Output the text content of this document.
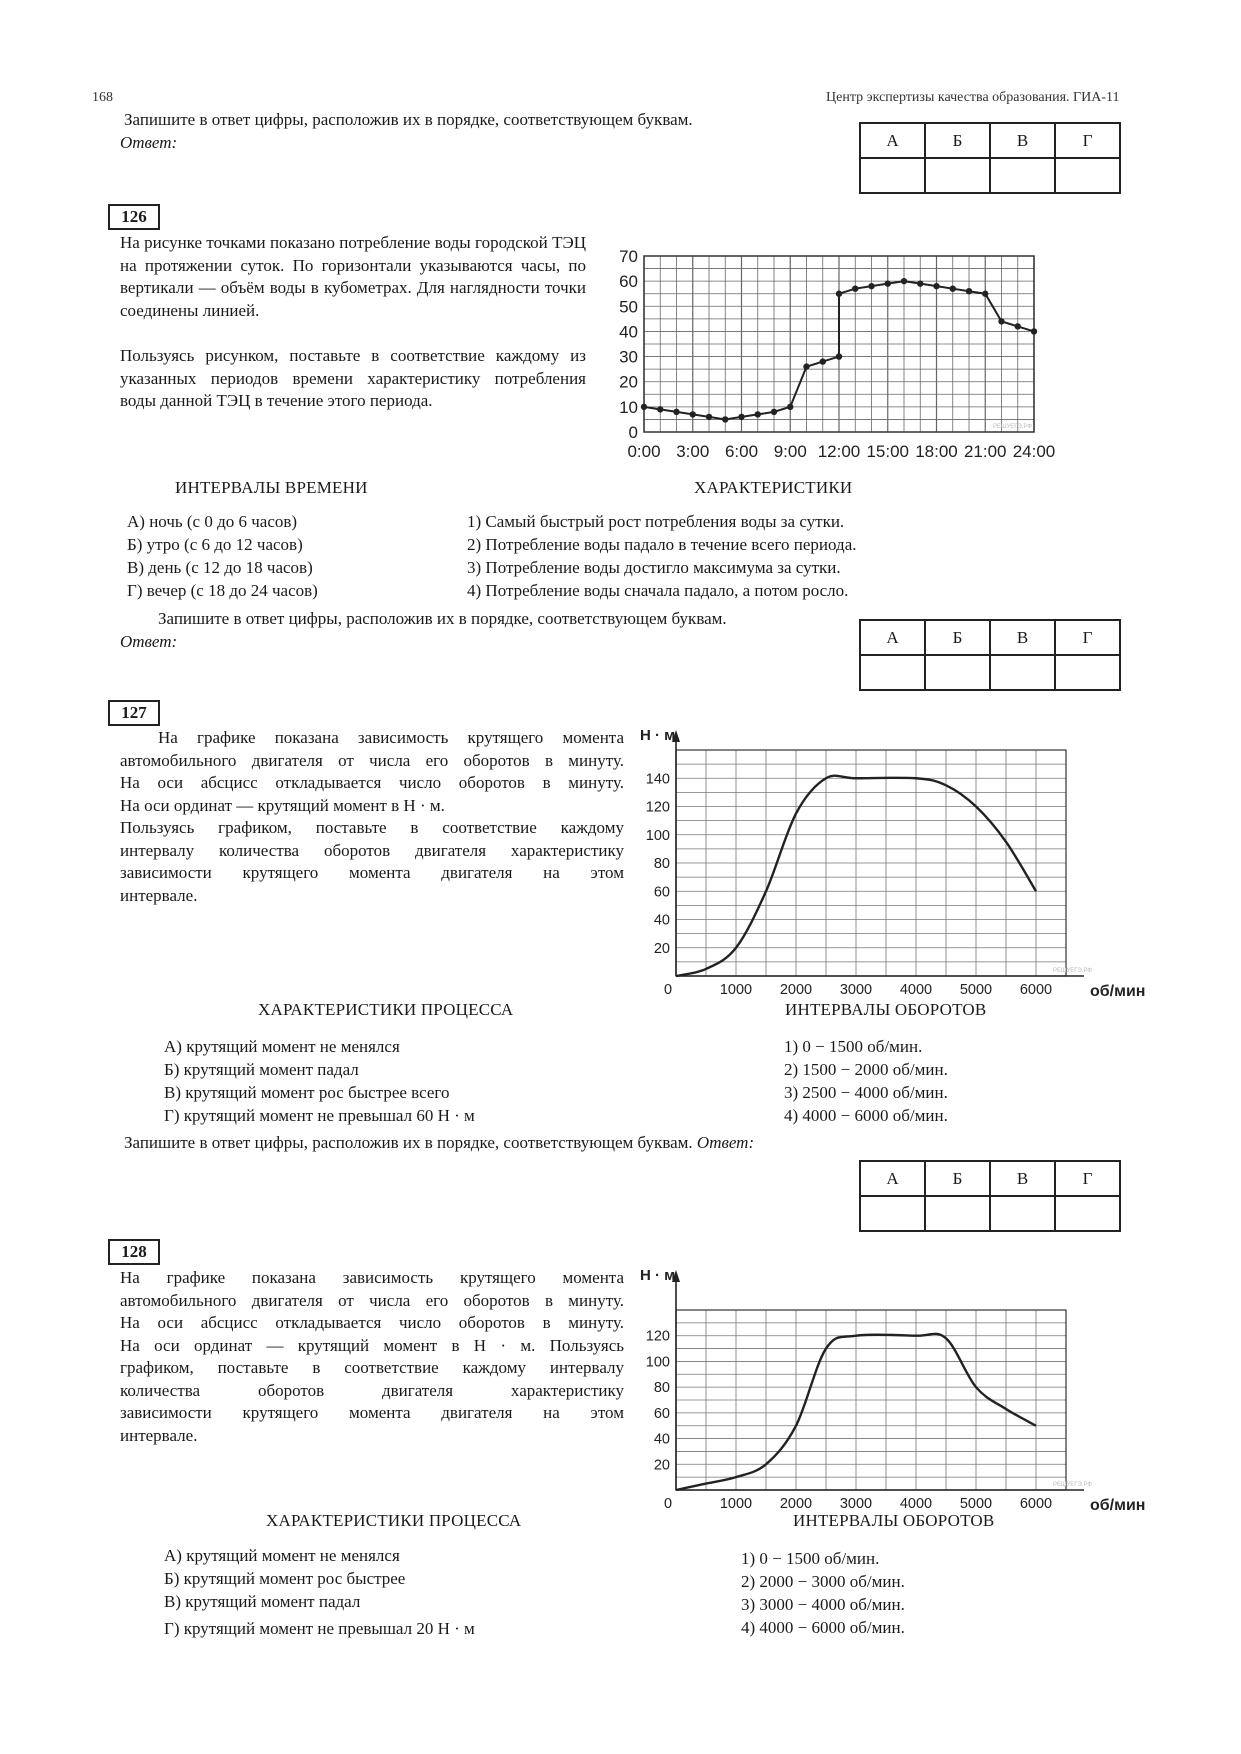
168	Центр экспертизы качества образования. ГИА-11
Запишите в ответ цифры, расположив их в порядке, соответствующем буквам.
Ответ:	А	Б	В	Г

126
На рисунке точками показано потребление воды городской ТЭЦ на протяжении суток. По горизонтали указываются часы, по вертикали — объём воды в кубометрах. Для наглядности точки соединены линией.
Пользуясь рисунком, поставьте в соответствие каждому из указанных периодов времени характеристику потребления воды данной ТЭЦ в течение этого периода.
0
10
20
30
40
50
60
70
0:00 3:00 6:00 9:00 12:00 15:00 18:00 21:00 24:00
РЕШУЕГЭ.РФ
ИНТЕРВАЛЫ ВРЕМЕНИ	ХАРАКТЕРИСТИКИ
А) ночь (с 0 до 6 часов)
Б) утро (с 6 до 12 часов)
В) день (с 12 до 18 часов)
Г) вечер (с 18 до 24 часов)
1) Самый быстрый рост потребления воды за сутки.
2) Потребление воды падало в течение всего периода.
3) Потребление воды достигло максимума за сутки.
4) Потребление воды сначала падало, а потом росло.
Запишите в ответ цифры, расположив их в порядке, соответствующем буквам.
Ответ:	А	Б	В	Г

127
На графике показана зависимость крутящего момента
автомобильного двигателя от числа его оборотов в минуту.
На оси абсцисс откладывается число оборотов в минуту.
На оси ординат — крутящий момент в Н · м.
Пользуясь графиком, поставьте в соответствие каждому
интервалу количества оборотов двигателя характеристику
зависимости крутящего момента двигателя на этом
интервале.
Н · м
20
40
60
80
100
120
140
0	1000 2000 3000 4000 5000 6000 об/мин
РЕШУЕГЭ.РФ
ХАРАКТЕРИСТИКИ ПРОЦЕССА	ИНТЕРВАЛЫ ОБОРОТОВ
А) крутящий момент не менялся
Б) крутящий момент падал
В) крутящий момент рос быстрее всего
Г) крутящий момент не превышал 60 Н · м
1) 0 − 1500 об/мин.
2) 1500 − 2000 об/мин.
3) 2500 − 4000 об/мин.
4) 4000 − 6000 об/мин.
Запишите в ответ цифры, расположив их в порядке, соответствующем буквам. Ответ:
А	Б	В	Г

128
На графике показана зависимость крутящего момента
автомобильного двигателя от числа его оборотов в минуту.
На оси абсцисс откладывается число оборотов в минуту.
На оси ординат — крутящий момент в Н · м. Пользуясь
графиком, поставьте в соответствие каждому интервалу
количества оборотов двигателя характеристику
зависимости крутящего момента двигателя на этом
интервале.
Н · м
20
40
60
80
100
120
0	1000 2000 3000 4000 5000 6000 об/мин
РЕШУЕГЭ.РФ
ХАРАКТЕРИСТИКИ ПРОЦЕССА	ИНТЕРВАЛЫ ОБОРОТОВ
А) крутящий момент не менялся
Б) крутящий момент рос быстрее
В) крутящий момент падал
Г) крутящий момент не превышал 20 Н · м
1) 0 − 1500 об/мин.
2) 2000 − 3000 об/мин.
3) 3000 − 4000 об/мин.
4) 4000 − 6000 об/мин.
